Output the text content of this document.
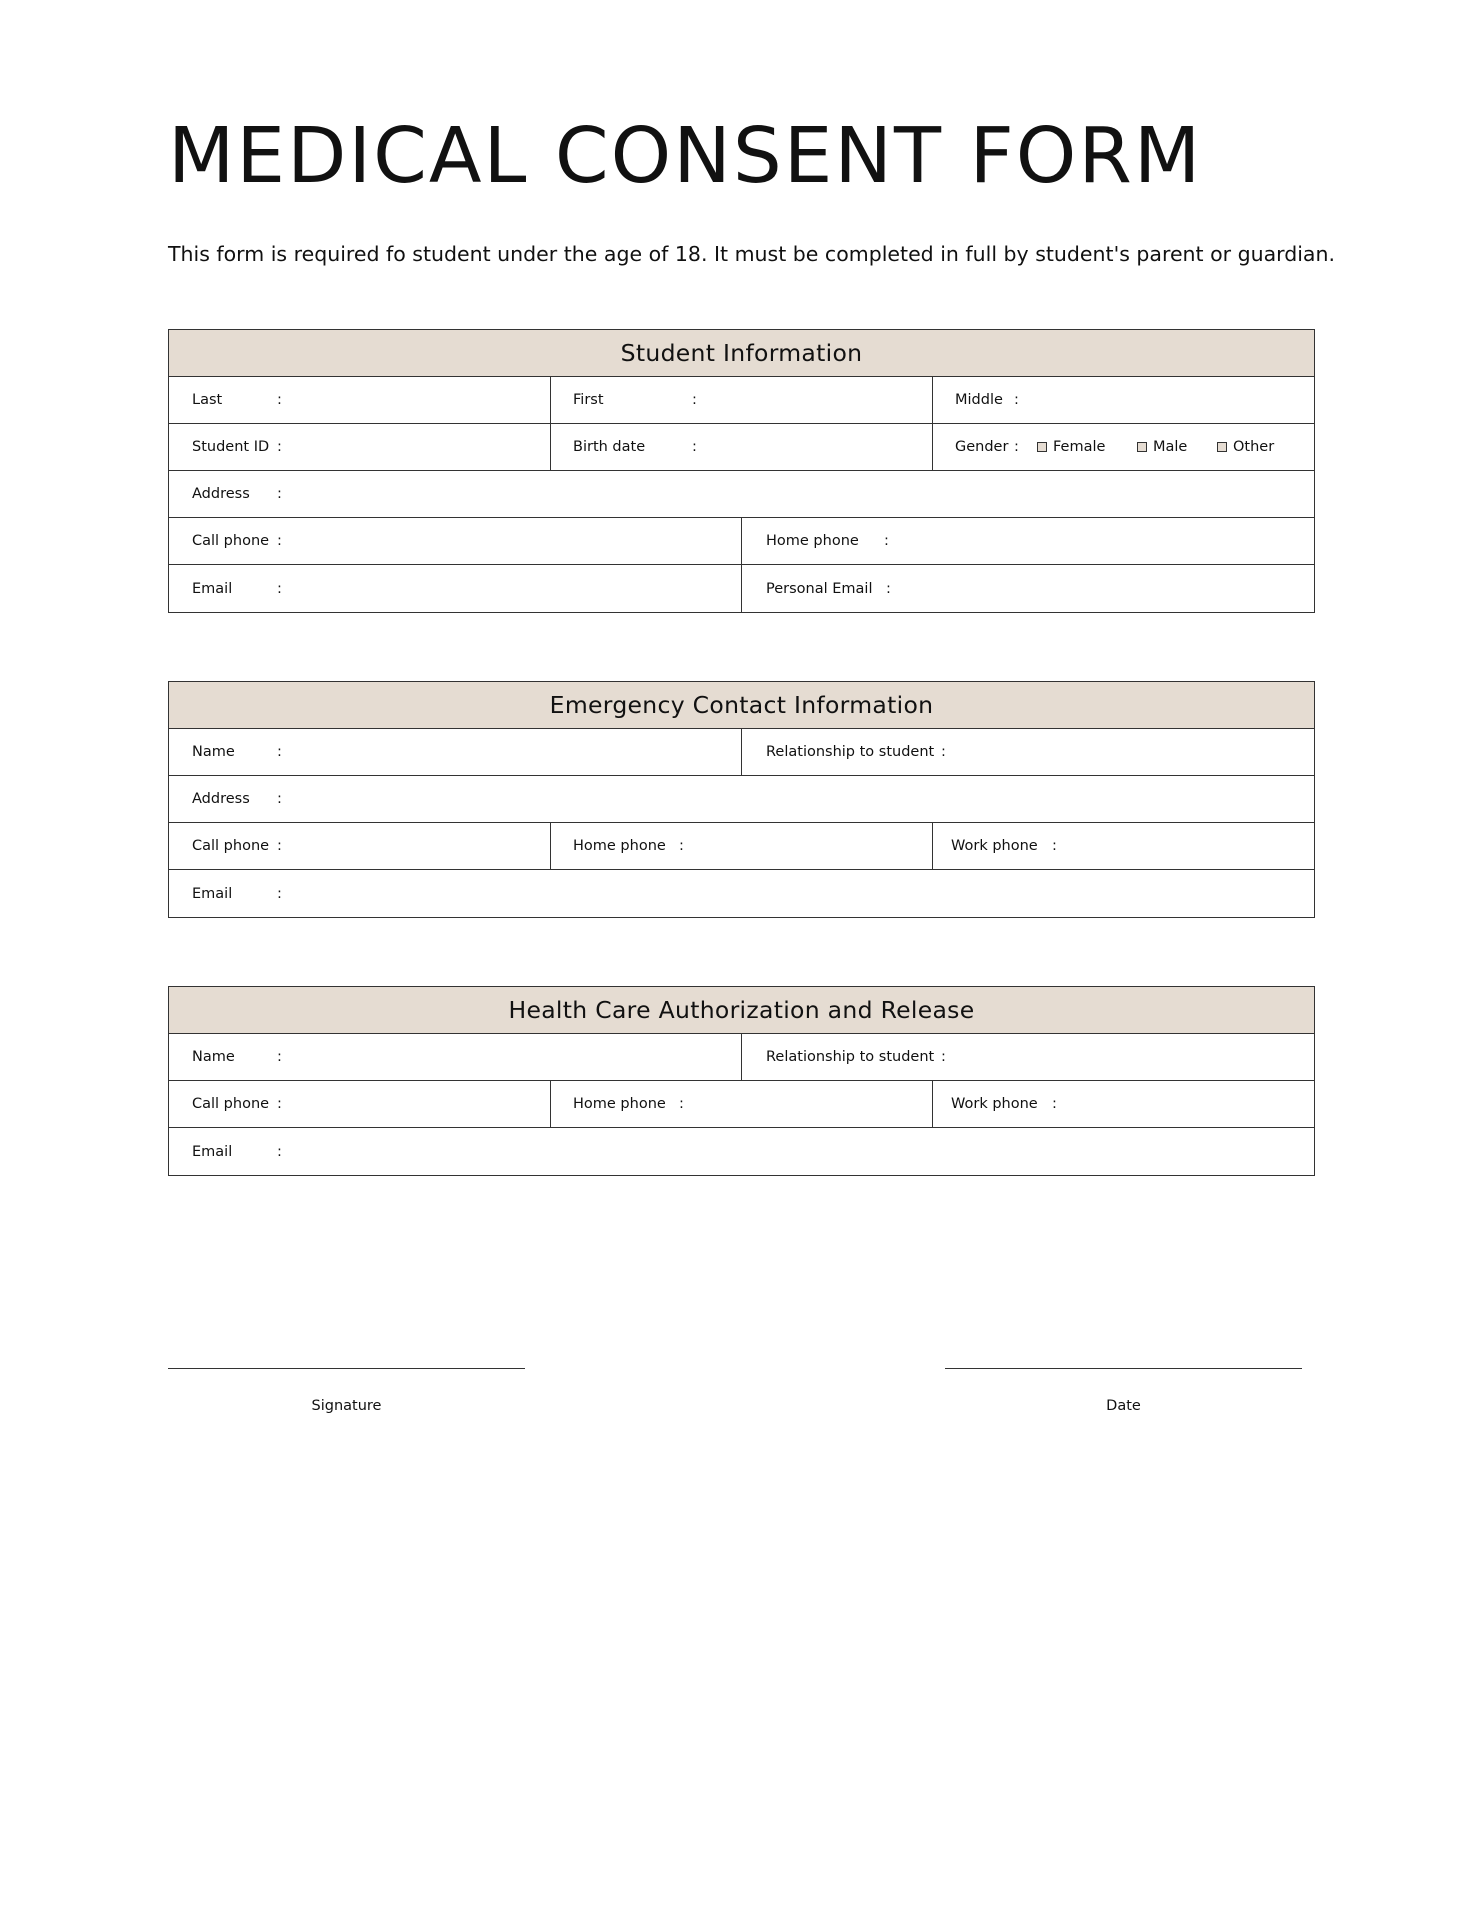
MEDICAL CONSENT FORM

This form is required fo student under the age of 18. It must be completed in full by student's parent or guardian.

Student Information
Last	:	First	:	Middle :
Student ID :	Birth date	:	Gender : Female	Male	Other
Address :
Call phone :	Home phone :
Email	:	Personal Email :
Emergency Contact Information
Name	:	Relationship to student :
Address :
Call phone :	Home phone :	Work phone :
Email	:
Health Care Authorization and Release
Name	:	Relationship to student :
Call phone :	Home phone :	Work phone :
Email	:
Signature	Date
